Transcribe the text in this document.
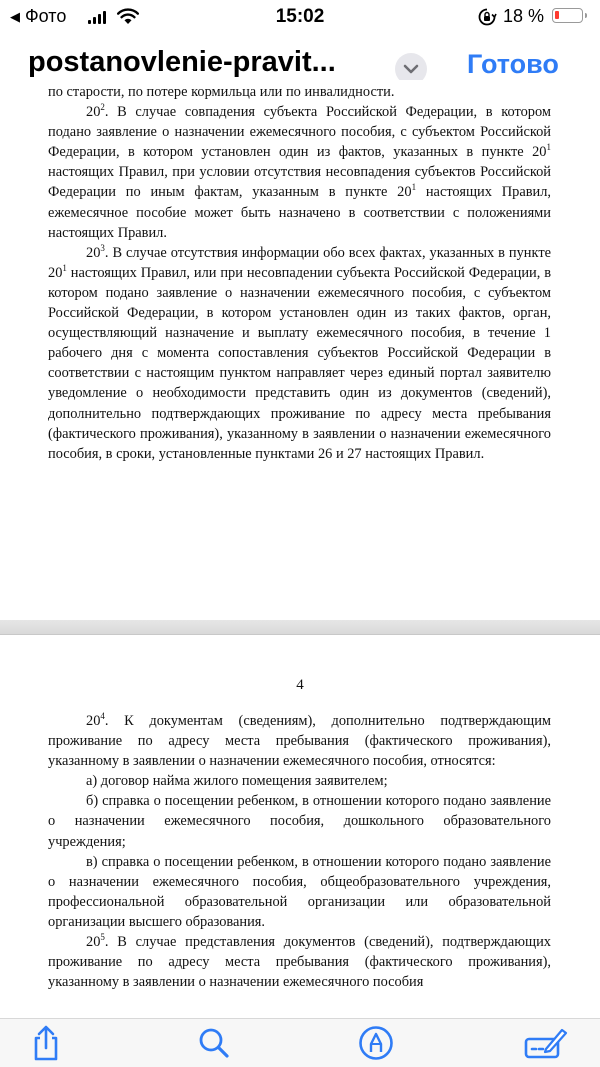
◀ Фото	15:02	18 %
postanovlenie-pravit...	Готово

по старости, по потере кормильца или по инвалидности.

$20^2$. В случае совпадения субъекта Российской Федерации, в котором подано заявление о назначении ежемесячного пособия, с субъектом Российской Федерации, в котором установлен один из фактов, указанных в пункте $20^1$ настоящих Правил, при условии отсутствия несовпадения субъектов Российской Федерации по иным фактам, указанным в пункте $20^1$ настоящих Правил, ежемесячное пособие может быть назначено в соответствии с положениями настоящих Правил.

$20^3$. В случае отсутствия информации обо всех фактах, указанных в пункте $20^1$ настоящих Правил, или при несовпадении субъекта Российской Федерации, в котором подано заявление о назначении ежемесячного пособия, с субъектом Российской Федерации, в котором установлен один из таких фактов, орган, осуществляющий назначение и выплату ежемесячного пособия, в течение 1 рабочего дня с момента сопоставления субъектов Российской Федерации в соответствии с настоящим пунктом направляет через единый портал заявителю уведомление о необходимости представить один из документов (сведений), дополнительно подтверждающих проживание по адресу места пребывания (фактического проживания), указанному в заявлении о назначении ежемесячного пособия, в сроки, установленные пунктами 26 и 27 настоящих Правил.

4

$20^4$. К документам (сведениям), дополнительно подтверждающим проживание по адресу места пребывания (фактического проживания), указанному в заявлении о назначении ежемесячного пособия, относятся:

а) договор найма жилого помещения заявителем;

б) справка о посещении ребенком, в отношении которого подано заявление о назначении ежемесячного пособия, дошкольного образовательного учреждения;

в) справка о посещении ребенком, в отношении которого подано заявление о назначении ежемесячного пособия, общеобразовательного учреждения, профессиональной образовательной организации или образовательной организации высшего образования.

$20^5$. В случае представления документов (сведений), подтверждающих проживание по адресу места пребывания (фактического проживания), указанному в заявлении о назначении ежемесячного пособия
